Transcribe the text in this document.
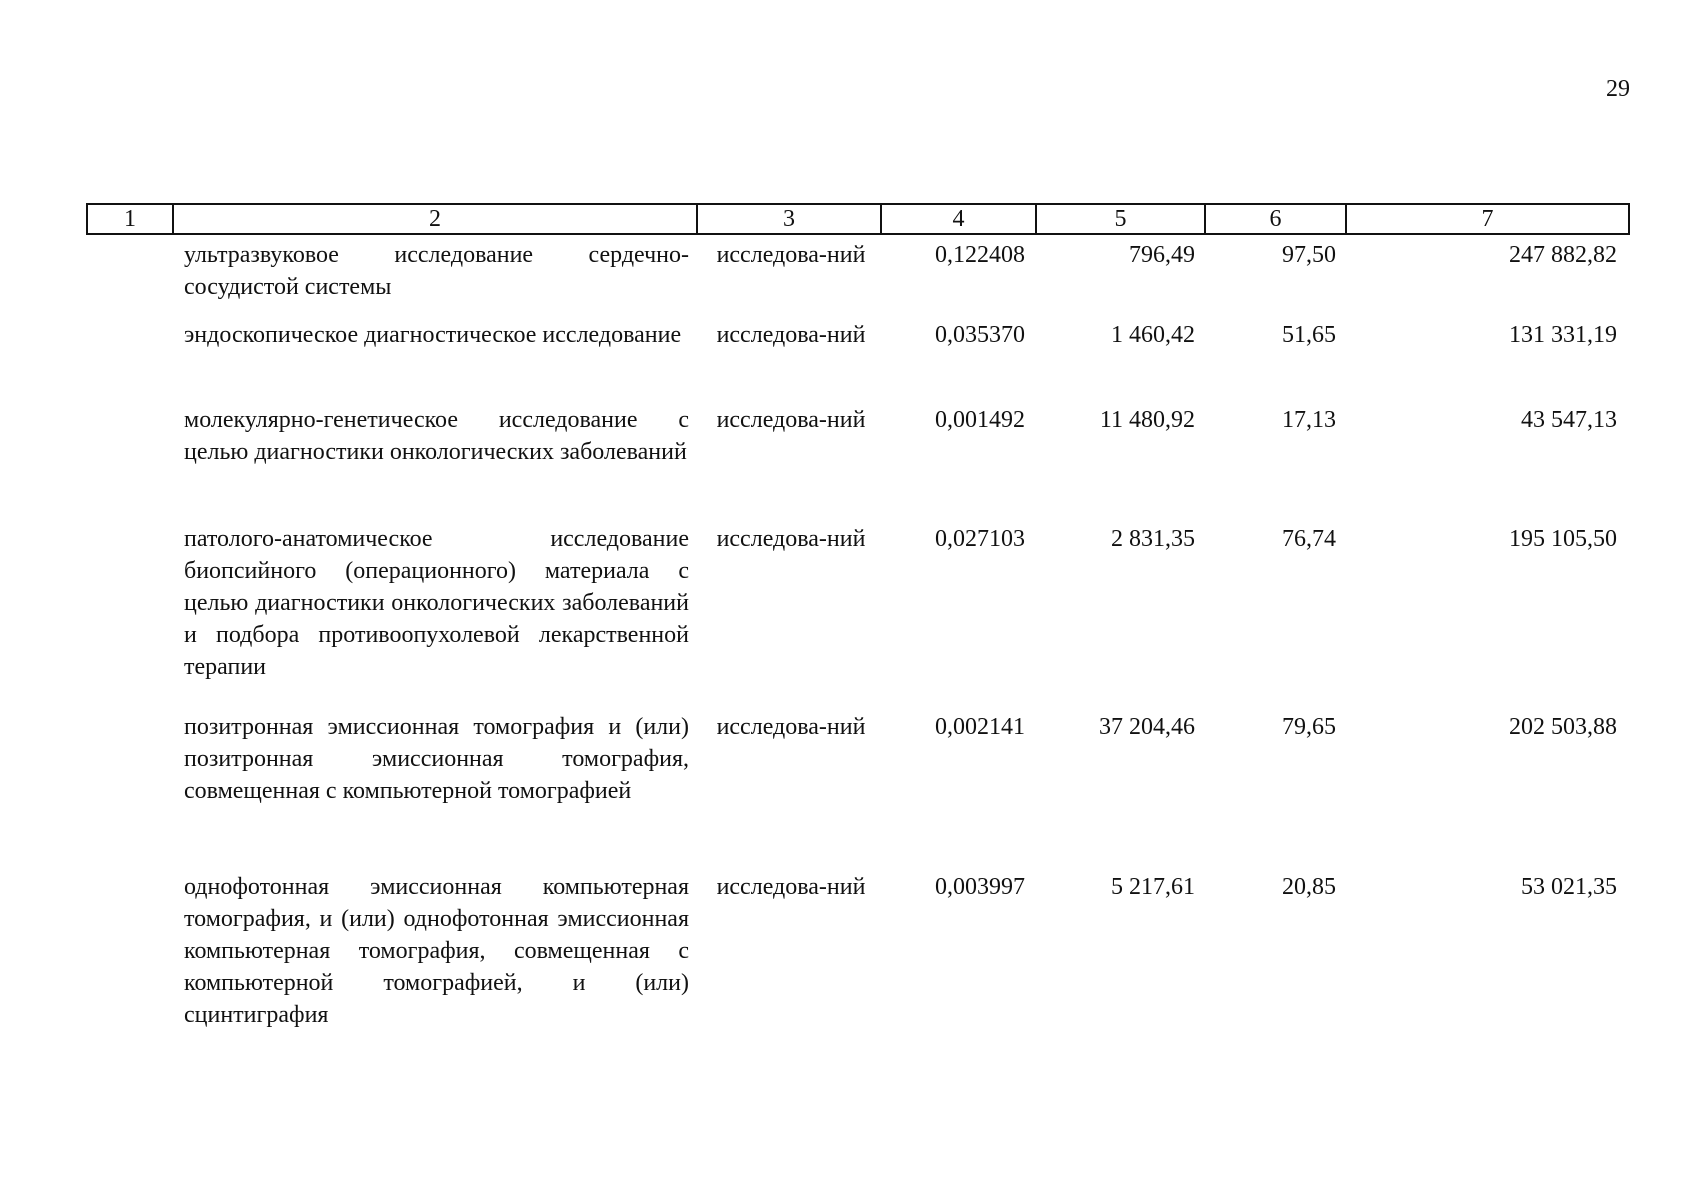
29
1	2	3	4	5	6	7

	ультразвуковое исследование сердечно-сосудистой системы	исследова-ний	0,122408	796,49	97,50	247 882,82

	эндоскопическое диагностическое исследование	исследова-ний	0,035370	1 460,42	51,65	131 331,19

	молекулярно-генетическое исследование с целью диагностики онкологических заболеваний	исследова-ний	0,001492	11 480,92	17,13	43 547,13

	патолого-анатомическое исследование биопсийного (операционного) материала с целью диагностики онкологических заболеваний и подбора противоопухолевой лекарственной терапии	исследова-ний	0,027103	2 831,35	76,74	195 105,50

	позитронная эмиссионная томография и (или) позитронная эмиссионная томография, совмещенная с компьютерной томографией	исследова-ний	0,002141	37 204,46	79,65	202 503,88

	однофотонная эмиссионная компьютерная томография, и (или) однофотонная эмиссионная компьютерная томография, совмещенная с компьютерной томографией, и (или) сцинтиграфия	исследова-ний	0,003997	5 217,61	20,85	53 021,35
